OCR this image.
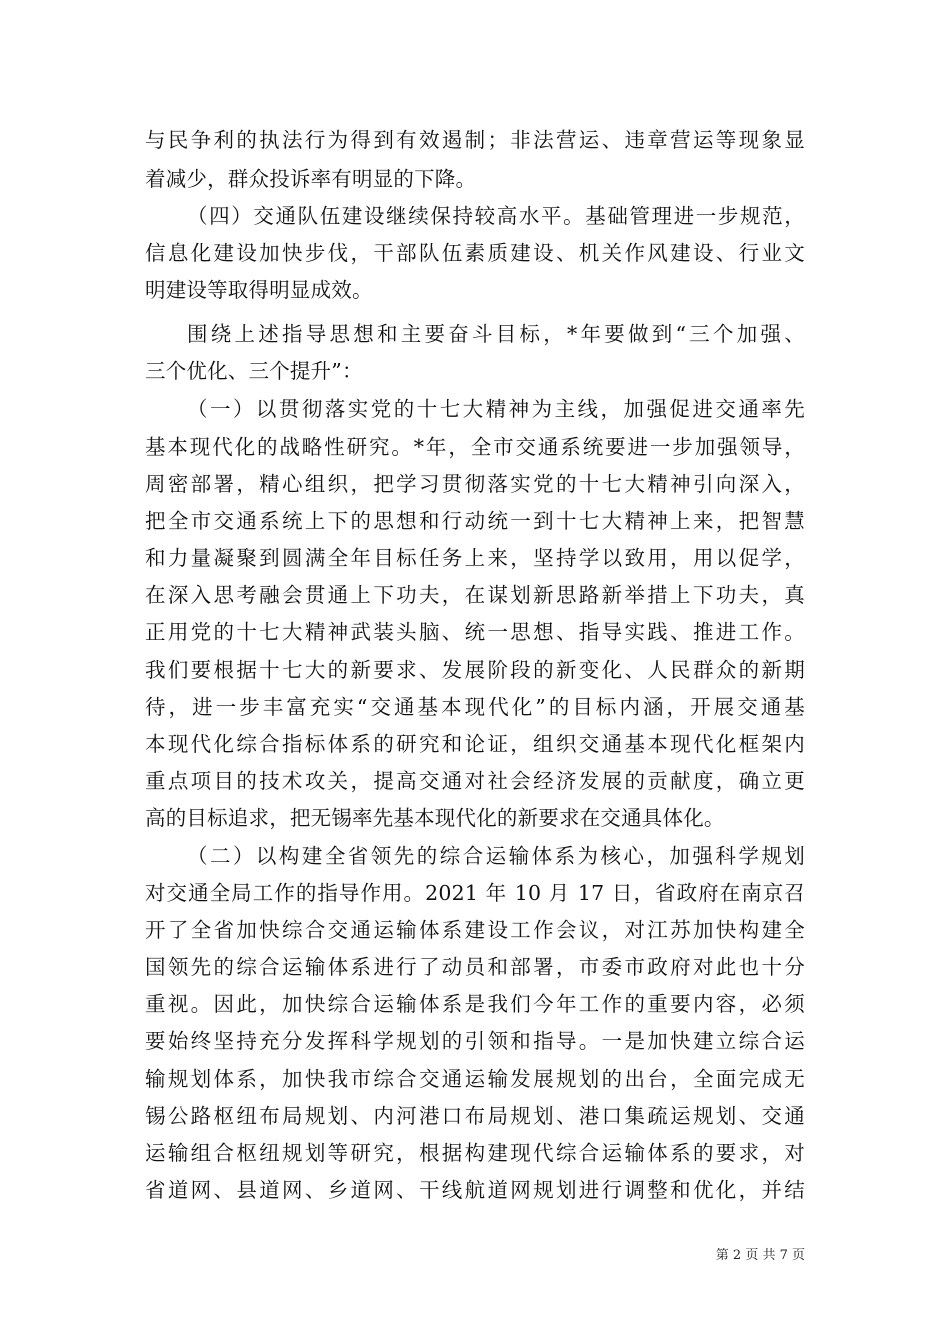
与民争利的执法行为得到有效遏制；非法营运、违章营运等现象显
着减少，群众投诉率有明显的下降。
（四）交通队伍建设继续保持较高水平。基础管理进一步规范，
信息化建设加快步伐，干部队伍素质建设、机关作风建设、行业文
明建设等取得明显成效。
围绕上述指导思想和主要奋斗目标，*年要做到“三个加强、
三个优化、三个提升”：
（一）以贯彻落实党的十七大精神为主线，加强促进交通率先
基本现代化的战略性研究。*年，全市交通系统要进一步加强领导，
周密部署，精心组织，把学习贯彻落实党的十七大精神引向深入，
把全市交通系统上下的思想和行动统一到十七大精神上来，把智慧
和力量凝聚到圆满全年目标任务上来，坚持学以致用，用以促学，
在深入思考融会贯通上下功夫，在谋划新思路新举措上下功夫，真
正用党的十七大精神武装头脑、统一思想、指导实践、推进工作。
我们要根据十七大的新要求、发展阶段的新变化、人民群众的新期
待，进一步丰富充实“交通基本现代化”的目标内涵，开展交通基
本现代化综合指标体系的研究和论证，组织交通基本现代化框架内
重点项目的技术攻关，提高交通对社会经济发展的贡献度，确立更
高的目标追求，把无锡率先基本现代化的新要求在交通具体化。
（二）以构建全省领先的综合运输体系为核心，加强科学规划
对交通全局工作的指导作用。2021 年 10 月 17 日，省政府在南京召
开了全省加快综合交通运输体系建设工作会议，对江苏加快构建全
国领先的综合运输体系进行了动员和部署，市委市政府对此也十分
重视。因此，加快综合运输体系是我们今年工作的重要内容，必须
要始终坚持充分发挥科学规划的引领和指导。一是加快建立综合运
输规划体系，加快我市综合交通运输发展规划的出台，全面完成无
锡公路枢纽布局规划、内河港口布局规划、港口集疏运规划、交通
运输组合枢纽规划等研究，根据构建现代综合运输体系的要求，对
省道网、县道网、乡道网、干线航道网规划进行调整和优化，并结
第 2 页 共 7 页
